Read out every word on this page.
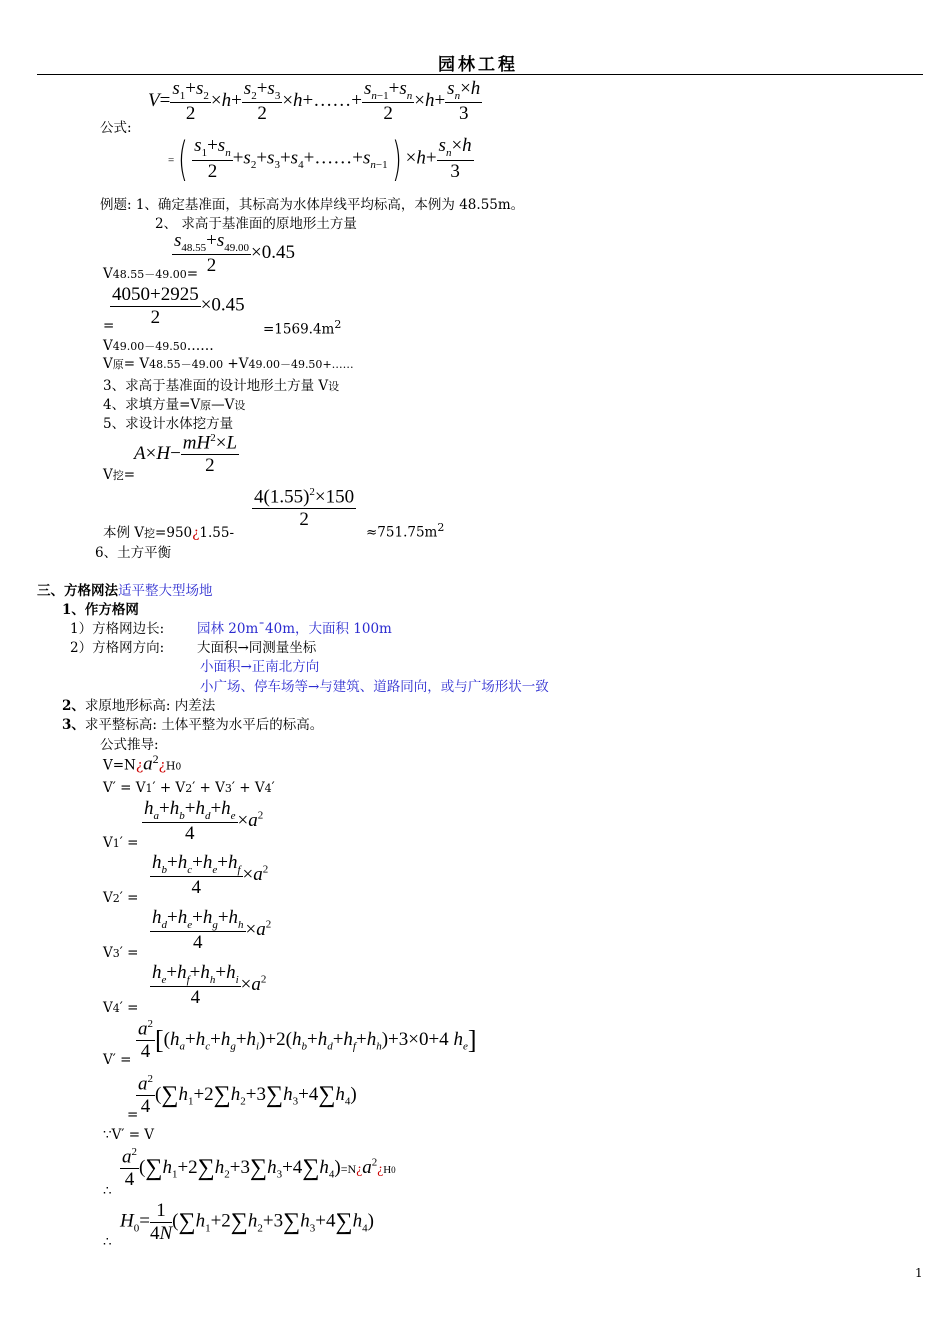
园林工程
公式:
$V= \frac{s_1+s_2}{2} \times h+ \frac{s_2+s_3}{2}$ ×h+……+ $\frac{s_{n-1}+s_n}{2} \times h+ \frac{s_n\times h}{3}$
=( $\frac{s_1+s_n}{2}$ $+s_2+s_3+s_4+\dots\dots+s_{n-1}) \times h+ \frac{s_n\times h}{3}$
例题: 1、确定基准面，其标高为水体岸线平均标高，本例为 48.55m。
2、 求高于基准面的原地形土方量
$\frac{s_{48.55}+s_{49.00}}{2} \times 0.45$
V48.55－49.00=
$\frac{4050+2925}{2} \times 0.45$
=	$=1569.4m^2$
V49.00－49.50……
V原= V48.55－49.00 +V49.00－49.50+……
3、求高于基准面的设计地形土方量 V设
4、求填方量=V原—V设
5、求设计水体挖方量
$A\times H- \frac{mH^2\times L}{2}$
V挖=
$\frac{4(1.55)^2\times 150}{2}$
本例 V挖=950¿1.55-	$\approx 751.75m^2$
6、土方平衡
三、方格网法适平整大型场地
1、作方格网
1）方格网边长: 园林 20m¯40m，大面积 100m
2）方格网方向: 大面积→同测量坐标
小面积→正南北方向
小广场、停车场等→与建筑、道路同向，或与广场形状一致
2、求原地形标高: 内差法
3、求平整标高: 土体平整为水平后的标高。
公式推导:
$V=N¿a^2¿H0$
V′ = V1′ + V2′ + V3′ + V4′
$\frac{h_a+h_b+h_d+h_e}{4} \times a^2$
V1′ =
$\frac{h_b+h_c+h_e+h_f}{4} \times a^2$
V2′ =
$\frac{h_d+h_e+h_g+h_h}{4} \times a^2$
V3′ =
$\frac{h_e+h_f+h_h+h_i}{4} \times a^2$
V4′ =
$\frac{a^2}{4} [(h_a+h_c+h_g+h_i)+2(h_b+h_d+h_f+h_h)+3\times 0+4$ $h_e$]
V′ =
$\frac{a^2}{4} (\sum h_1+2\sum h_2+3\sum h_3+4\sum h_4)$
=
∵V′ = V
$\frac{a^2}{4}$ $(\sum h_1+2\sum h_2+3\sum h_3+4\sum h_4)=N¿a^2¿H0$
∴
$H_0= \frac{1}{4N} (\sum h_1+2\sum h_2+3\sum h_3+4\sum h_4)$
∴
1
